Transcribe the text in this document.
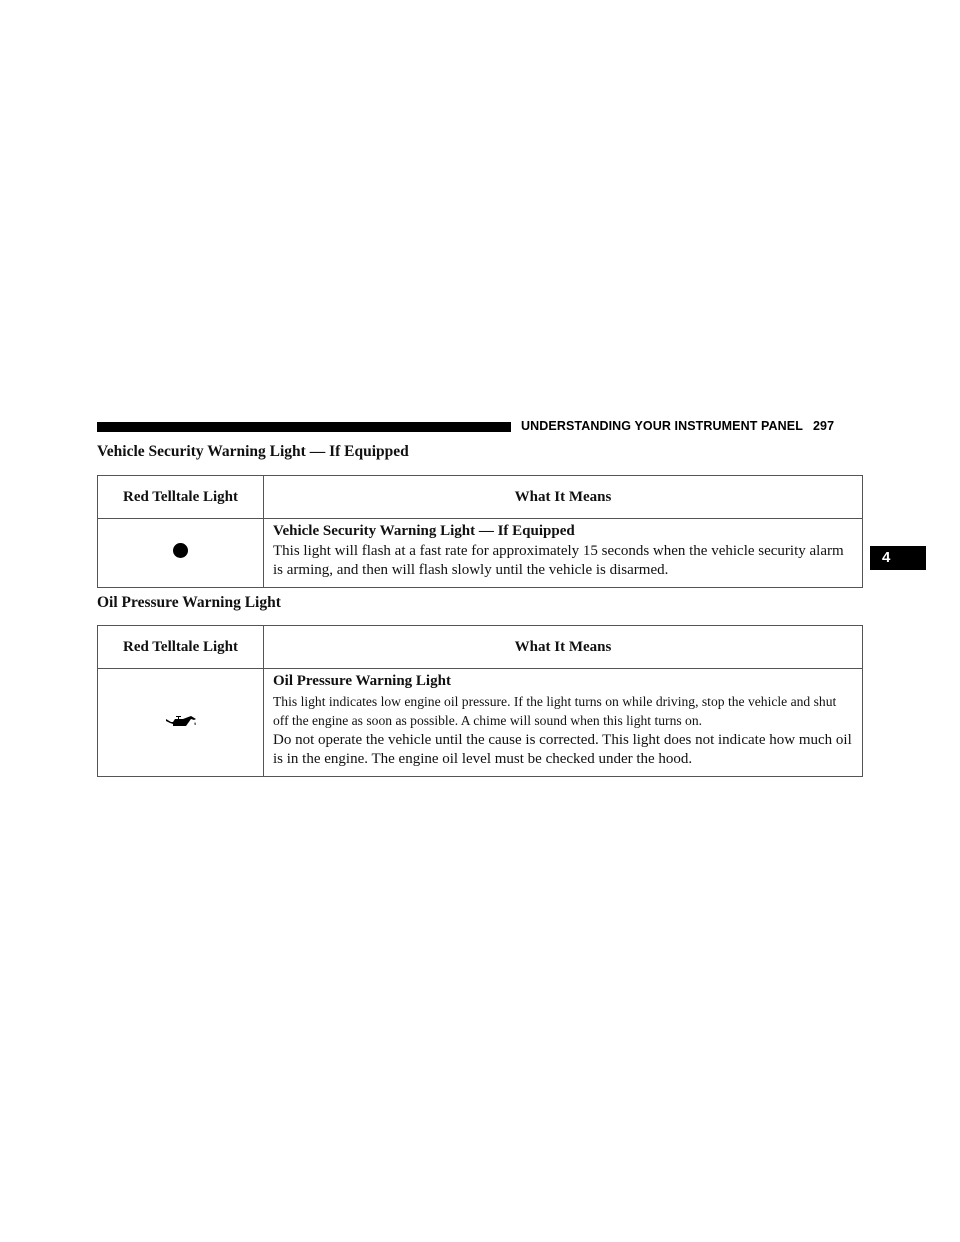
UNDERSTANDING YOUR INSTRUMENT PANEL 297
4
Vehicle Security Warning Light — If Equipped
Red Telltale Light	What It Means

	Vehicle Security Warning Light — If Equipped
This light will flash at a fast rate for approximately 15 seconds when the vehicle security alarm is arming, and then will flash slowly until the vehicle is disarmed.
Oil Pressure Warning Light
Red Telltale Light	What It Means

Oil Pressure Warning Light
This light indicates low engine oil pressure. If the light turns on while driving, stop the vehicle and shut off the engine as soon as possible. A chime will sound when this light turns on.
Do not operate the vehicle until the cause is corrected. This light does not indicate how much oil is in the engine. The engine oil level must be checked under the hood.
